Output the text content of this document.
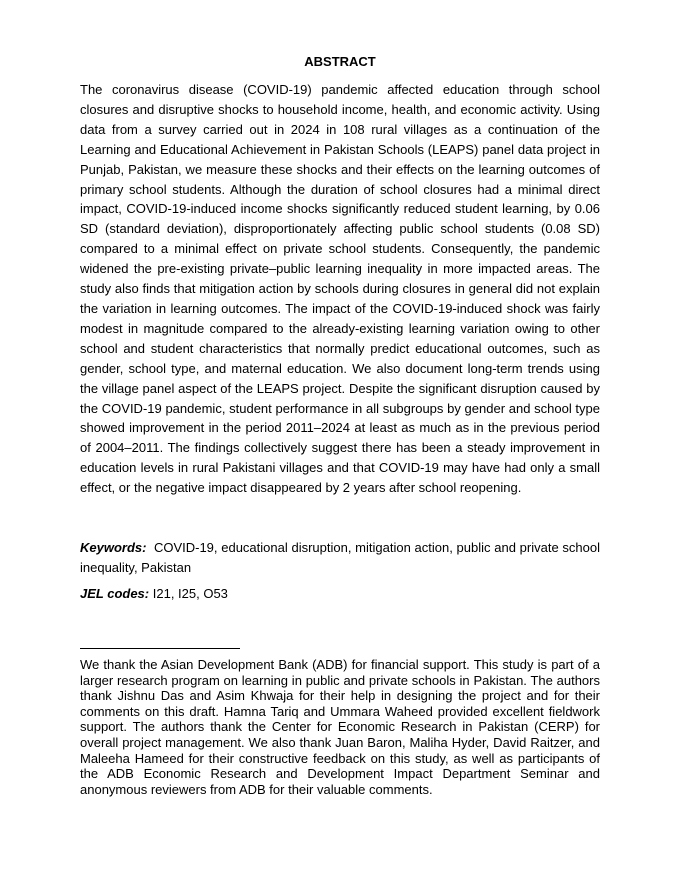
ABSTRACT

The coronavirus disease (COVID-19) pandemic affected education through school closures and disruptive shocks to household income, health, and economic activity. Using data from a survey carried out in 2024 in 108 rural villages as a continuation of the Learning and Educational Achievement in Pakistan Schools (LEAPS) panel data project in Punjab, Pakistan, we measure these shocks and their effects on the learning outcomes of primary school students. Although the duration of school closures had a minimal direct impact, COVID-19-induced income shocks significantly reduced student learning, by 0.06 SD (standard deviation), disproportionately affecting public school students (0.08 SD) compared to a minimal effect on private school students. Consequently, the pandemic widened the pre-existing private–public learning inequality in more impacted areas. The study also finds that mitigation action by schools during closures in general did not explain the variation in learning outcomes. The impact of the COVID-19-induced shock was fairly modest in magnitude compared to the already-existing learning variation owing to other school and student characteristics that normally predict educational outcomes, such as gender, school type, and maternal education. We also document long-term trends using the village panel aspect of the LEAPS project. Despite the significant disruption caused by the COVID-19 pandemic, student performance in all subgroups by gender and school type showed improvement in the period 2011–2024 at least as much as in the previous period of 2004–2011. The findings collectively suggest there has been a steady improvement in education levels in rural Pakistani villages and that COVID-19 may have had only a small effect, or the negative impact disappeared by 2 years after school reopening.

Keywords: COVID-19, educational disruption, mitigation action, public and private school inequality, Pakistan

JEL codes: I21, I25, O53

We thank the Asian Development Bank (ADB) for financial support. This study is part of a larger research program on learning in public and private schools in Pakistan. The authors thank Jishnu Das and Asim Khwaja for their help in designing the project and for their comments on this draft. Hamna Tariq and Ummara Waheed provided excellent fieldwork support. The authors thank the Center for Economic Research in Pakistan (CERP) for overall project management. We also thank Juan Baron, Maliha Hyder, David Raitzer, and Maleeha Hameed for their constructive feedback on this study, as well as participants of the ADB Economic Research and Development Impact Department Seminar and anonymous reviewers from ADB for their valuable comments.
